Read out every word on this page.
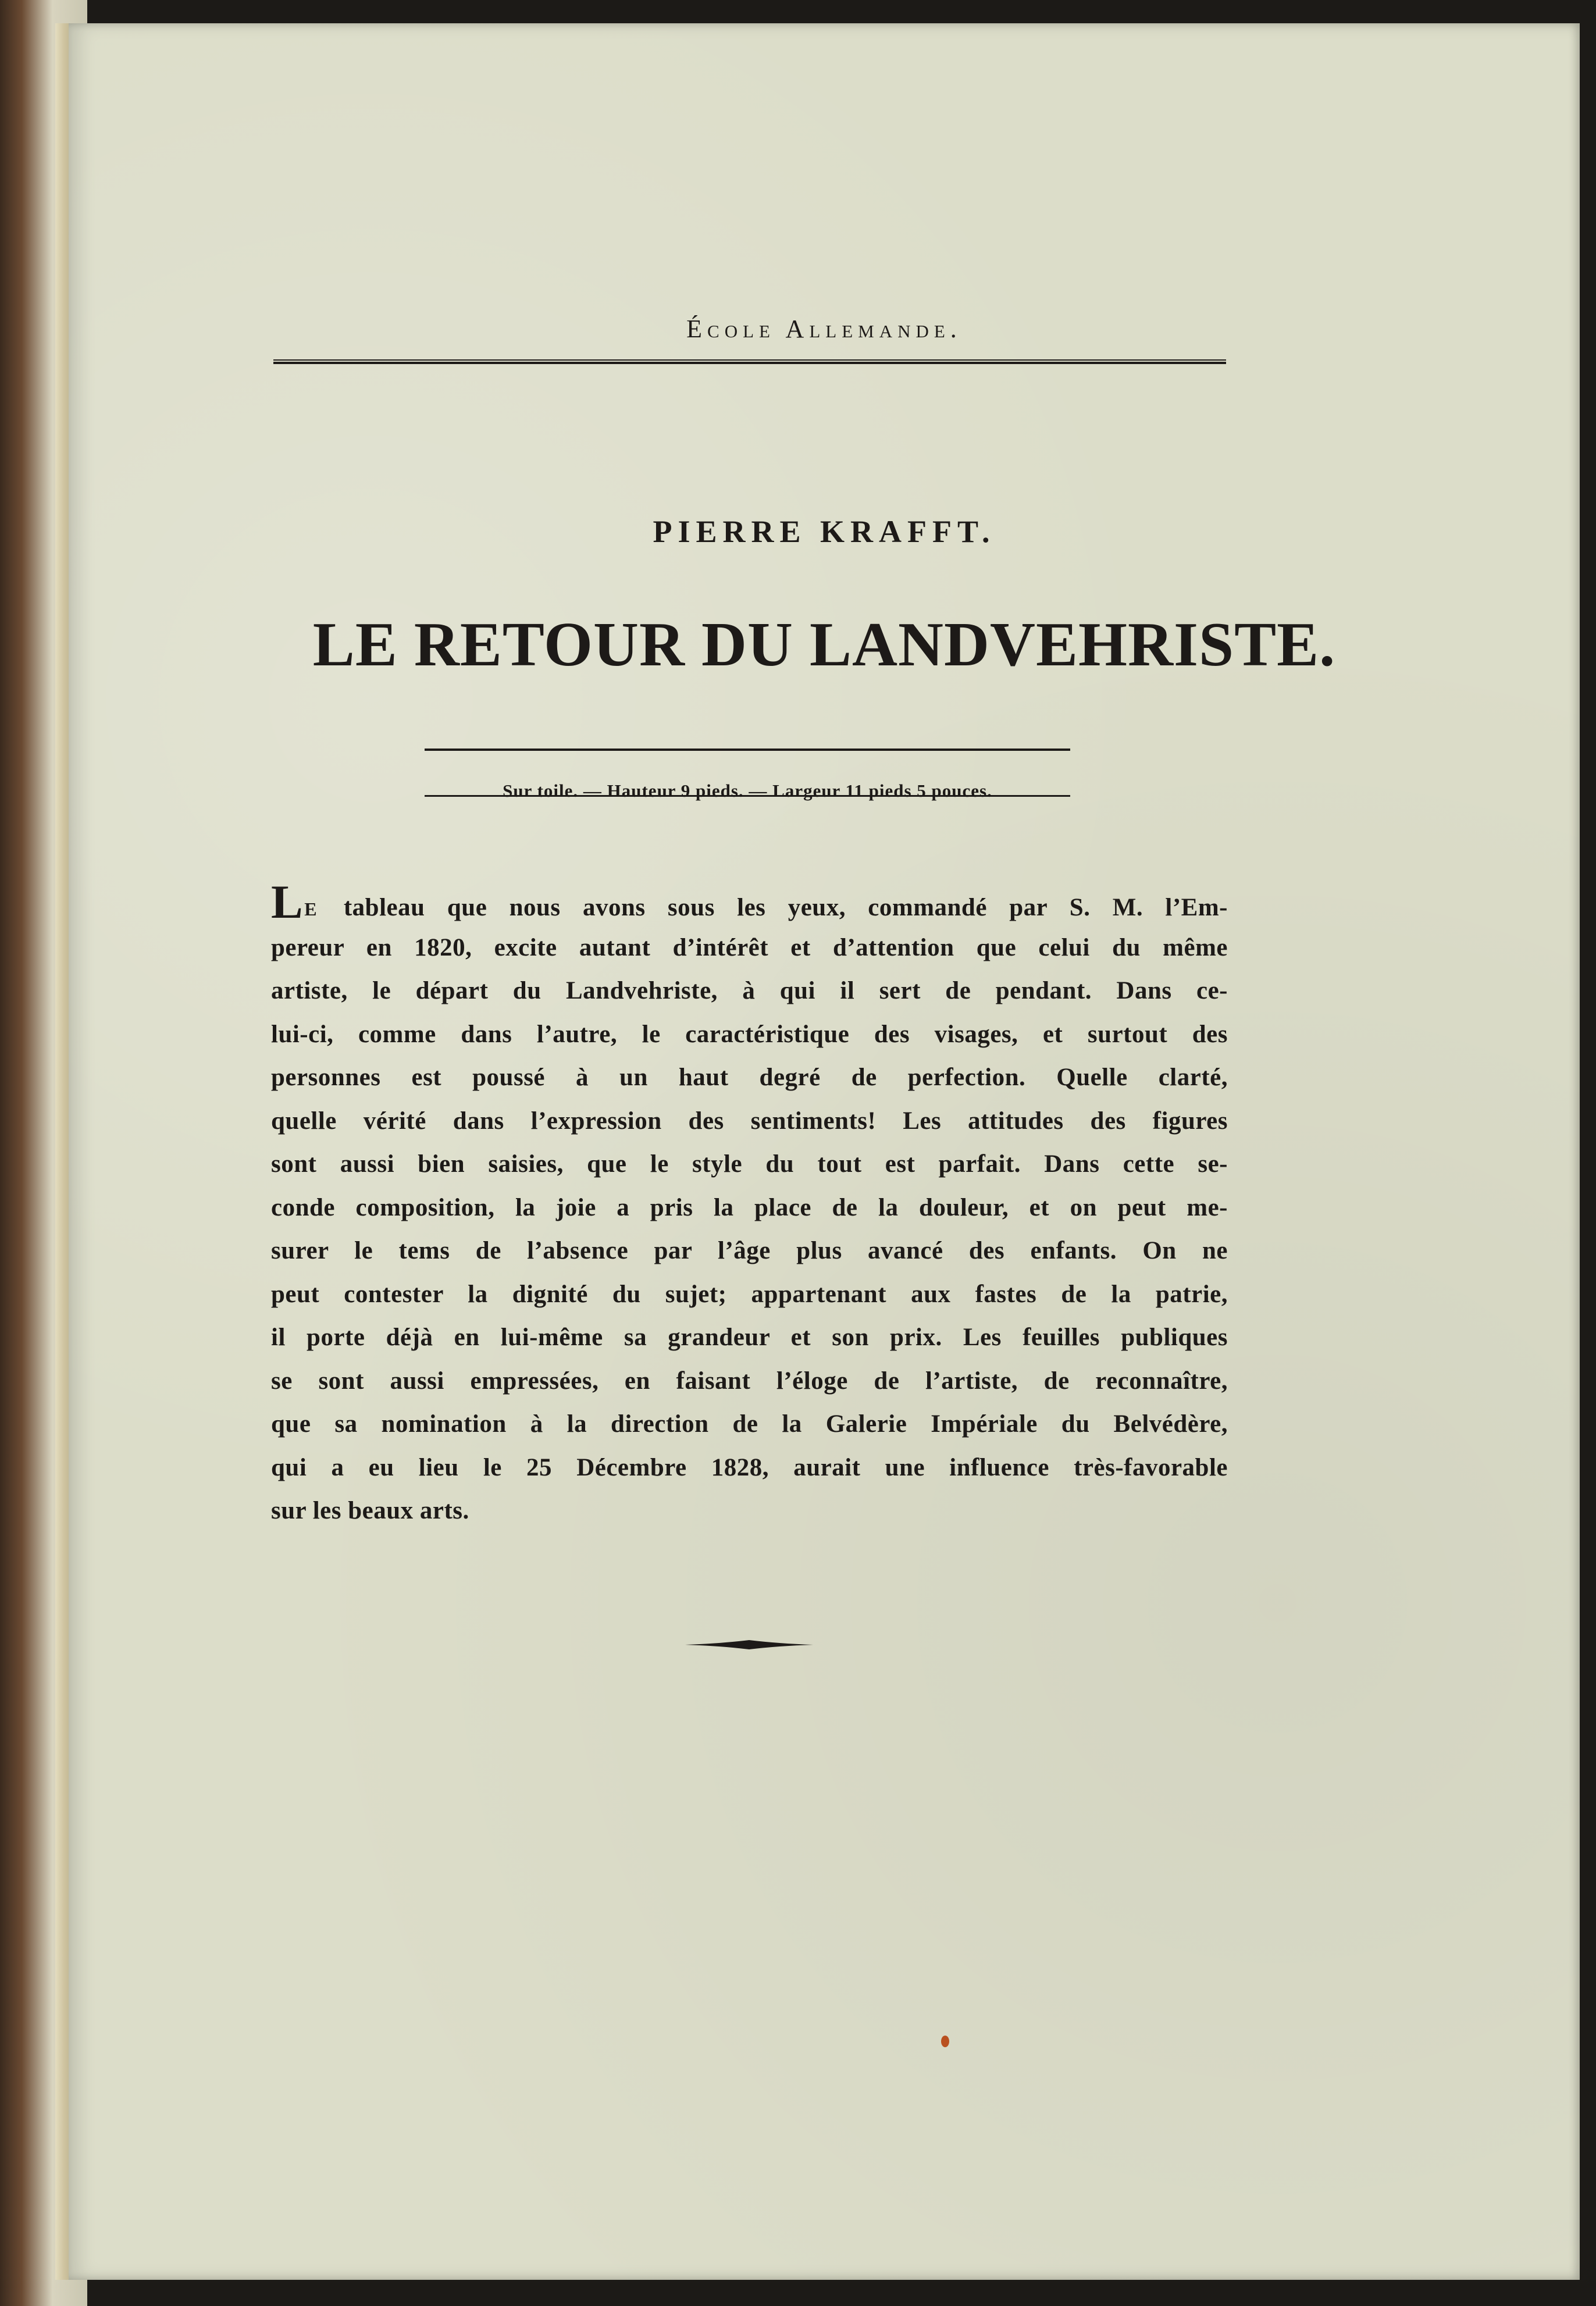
École Allemande.
PIERRE KRAFFT.
LE RETOUR DU LANDVEHRISTE.
Sur toile. — Hauteur 9 pieds. — Largeur 11 pieds 5 pouces.
LE tableau que nous avons sous les yeux, commandé par S. M. l’Em-
pereur en 1820, excite autant d’intérêt et d’attention que celui du même
artiste, le départ du Landvehriste, à qui il sert de pendant. Dans ce-
lui-ci, comme dans l’autre, le caractéristique des visages, et surtout des
personnes est poussé à un haut degré de perfection. Quelle clarté,
quelle vérité dans l’expression des sentiments! Les attitudes des figures
sont aussi bien saisies, que le style du tout est parfait. Dans cette se-
conde composition, la joie a pris la place de la douleur, et on peut me-
surer le tems de l’absence par l’âge plus avancé des enfants. On ne
peut contester la dignité du sujet; appartenant aux fastes de la patrie,
il porte déjà en lui-même sa grandeur et son prix. Les feuilles publiques
se sont aussi empressées, en faisant l’éloge de l’artiste, de reconnaître,
que sa nomination à la direction de la Galerie Impériale du Belvédère,
qui a eu lieu le 25 Décembre 1828, aurait une influence très-favorable
sur les beaux arts.
